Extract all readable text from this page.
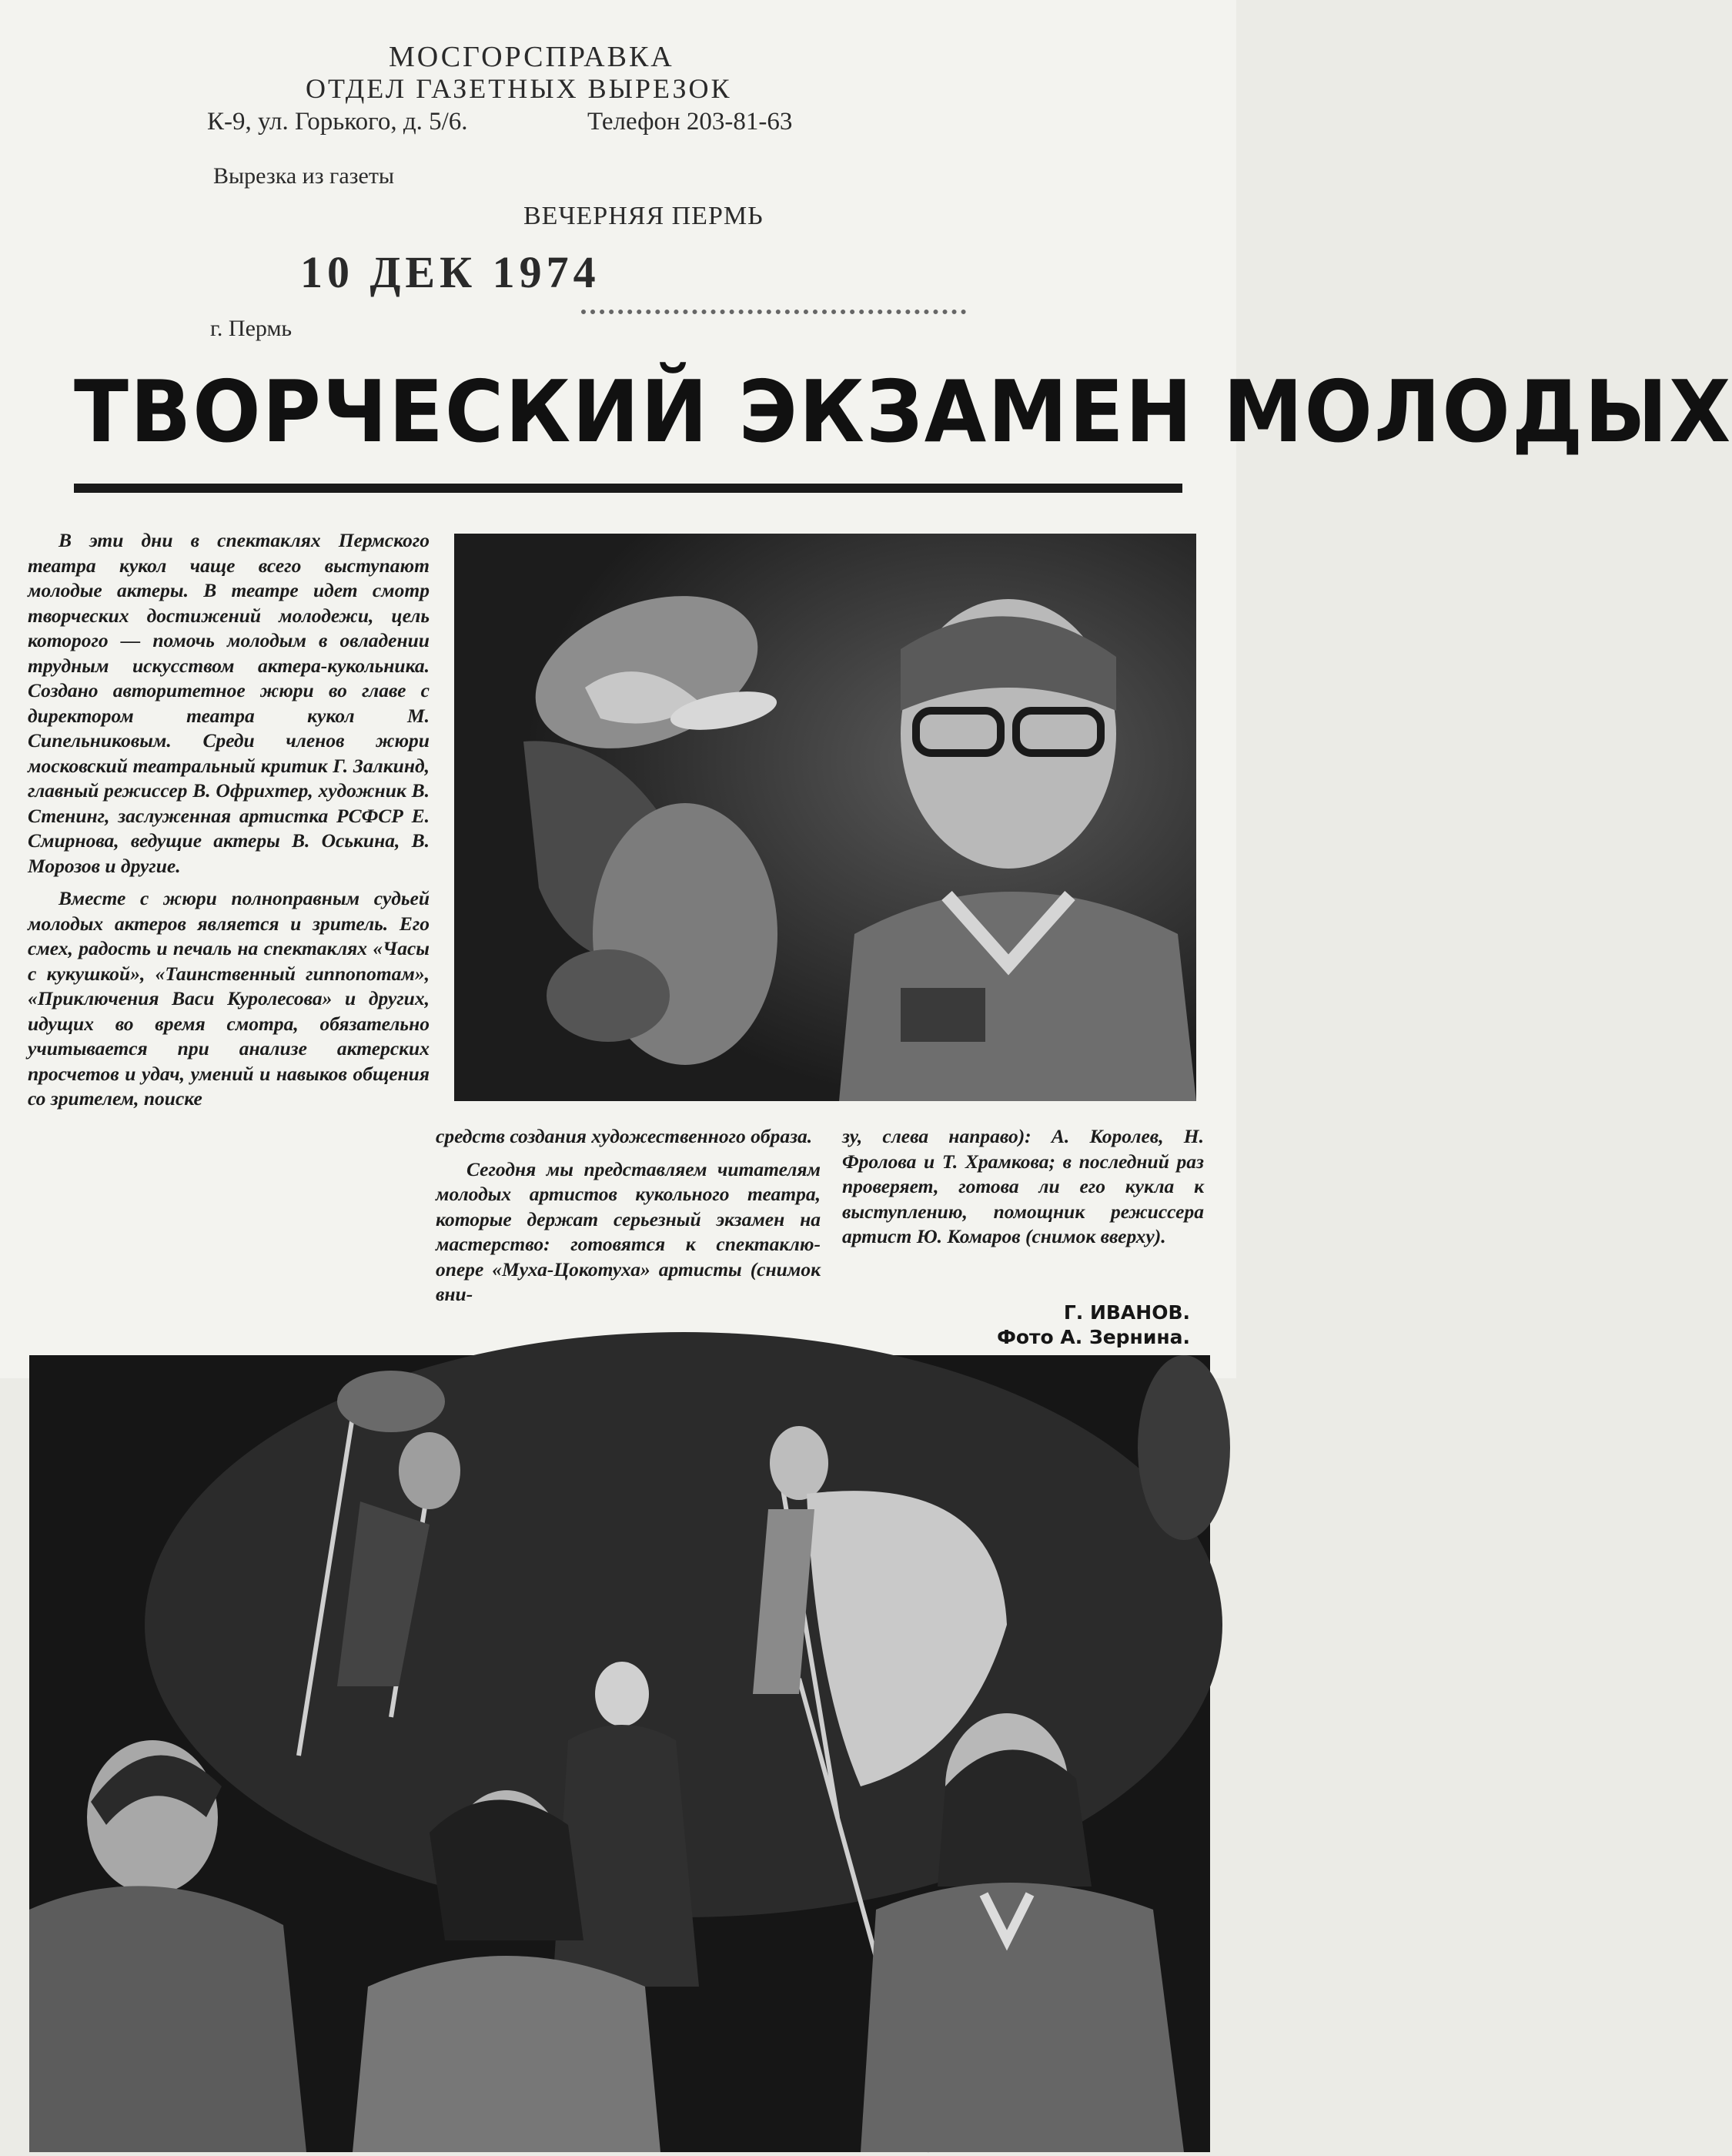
МОСГОРСПРАВКА
ОТДЕЛ ГАЗЕТНЫХ ВЫРЕЗОК
К-9, ул. Горького, д. 5/6.	Телефон 203-81-63
Вырезка из газеты
ВЕЧЕРНЯЯ ПЕРМЬ
10 ДЕК 1974
г. Пермь
ТВОРЧЕСКИЙ ЭКЗАМЕН МОЛОДЫХ

В эти дни в спектаклях Пермского театра кукол чаще всего выступают молодые актеры. В театре идет смотр творческих достижений молодежи, цель которого — помочь молодым в овладении трудным искусством актера-кукольника. Создано авторитетное жюри во главе с директором театра кукол М. Сипельниковым. Среди членов жюри московский театральный критик Г. Залкинд, главный режиссер В. Офрихтер, художник В. Стенинг, заслуженная артистка РСФСР Е. Смирнова, ведущие актеры В. Оськина, В. Морозов и другие.

Вместе с жюри полноправным судьей молодых актеров является и зритель. Его смех, радость и печаль на спектаклях «Часы с кукушкой», «Таинственный гиппопотам», «Приключения Васи Куролесова» и других, идущих во время смотра, обязательно учитывается при анализе актерских просчетов и удач, умений и навыков общения со зрителем, поиске

средств создания художественного образа.

Сегодня мы представляем читателям молодых артистов кукольного театра, которые держат серьезный экзамен на мастерство: готовятся к спектаклю-опере «Муха-Цокотуха» артисты (снимок вни-

зу, слева направо): А. Королев, Н. Фролова и Т. Храмкова; в последний раз проверяет, готова ли его кукла к выступлению, помощник режиссера артист Ю. Комаров (снимок вверху).

Г. ИВАНОВ.
Фото А. Зернина.
